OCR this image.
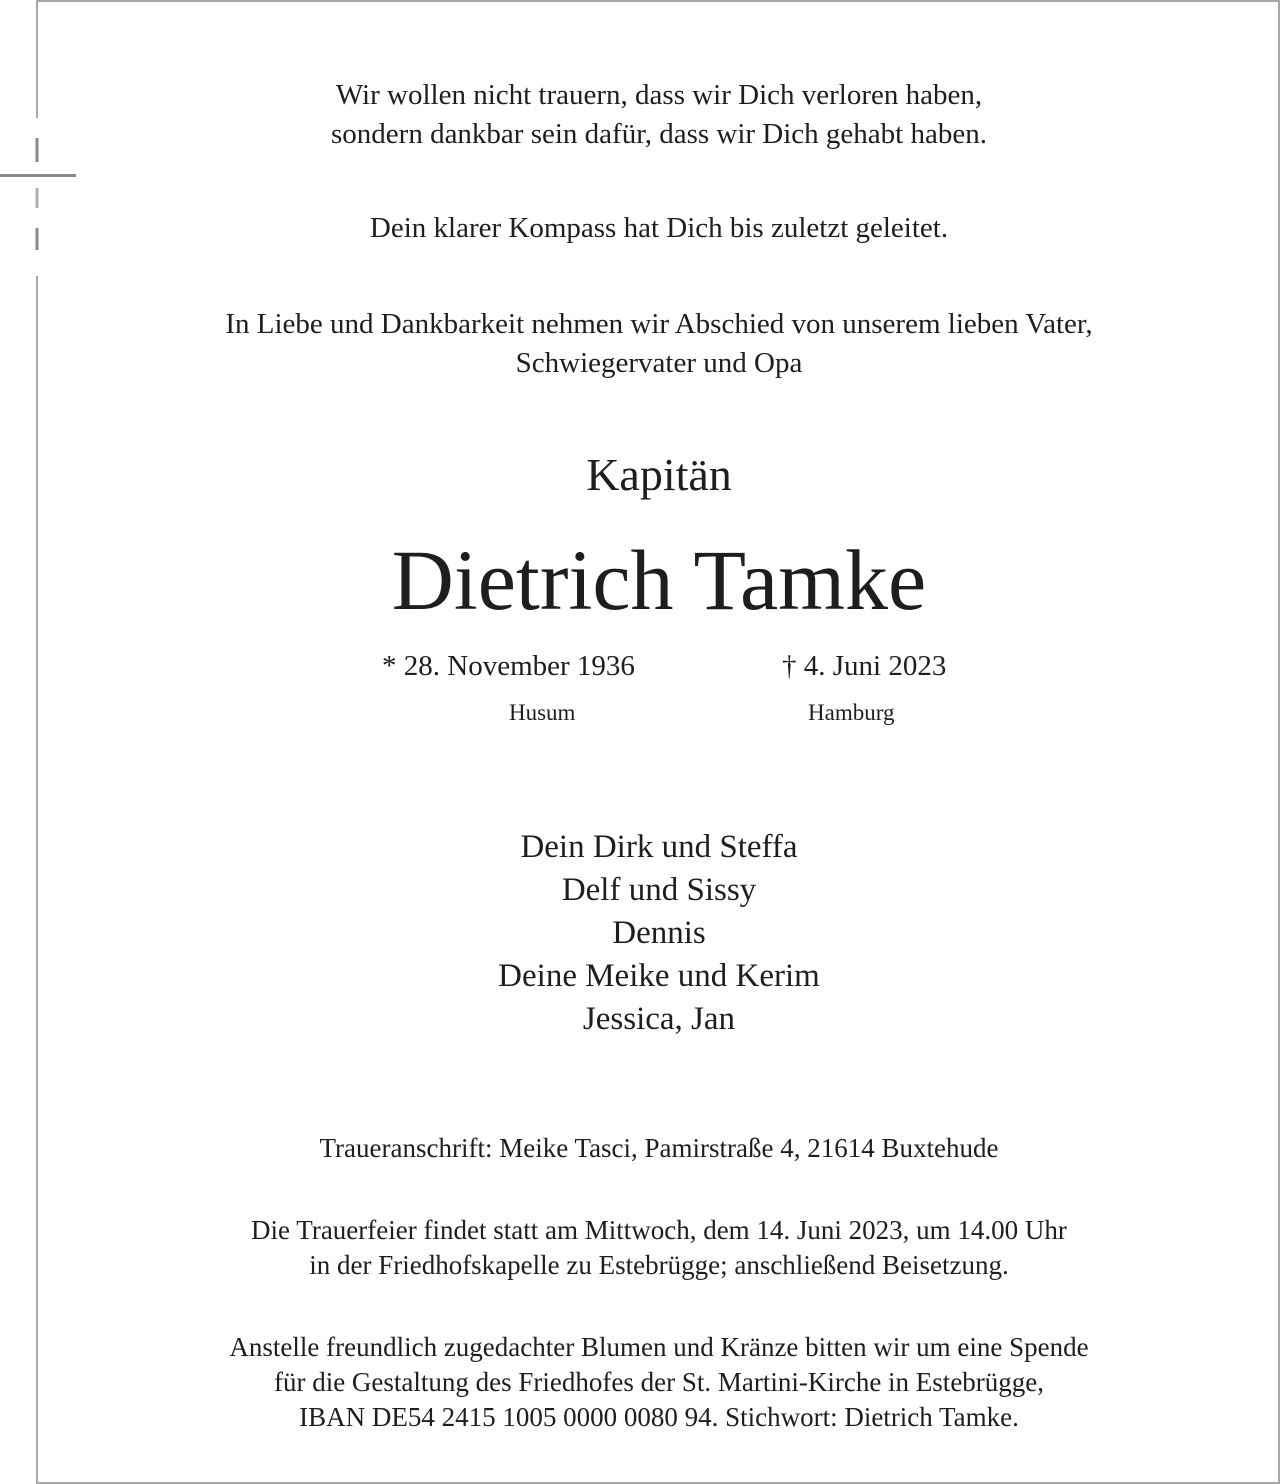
Wir wollen nicht trauern, dass wir Dich verloren haben,
sondern dankbar sein dafür, dass wir Dich gehabt haben.
Dein klarer Kompass hat Dich bis zuletzt geleitet.
In Liebe und Dankbarkeit nehmen wir Abschied von unserem lieben Vater,
Schwiegervater und Opa
Kapitän
Dietrich Tamke
* 28. November 1936	† 4. Juni 2023
Husum	Hamburg
Dein Dirk und Steffa
Delf und Sissy
Dennis
Deine Meike und Kerim
Jessica, Jan
Traueranschrift: Meike Tasci, Pamirstraße 4, 21614 Buxtehude
Die Trauerfeier findet statt am Mittwoch, dem 14. Juni 2023, um 14.00 Uhr
in der Friedhofskapelle zu Estebrügge; anschließend Beisetzung.
Anstelle freundlich zugedachter Blumen und Kränze bitten wir um eine Spende
für die Gestaltung des Friedhofes der St. Martini-Kirche in Estebrügge,
IBAN DE54 2415 1005 0000 0080 94. Stichwort: Dietrich Tamke.
